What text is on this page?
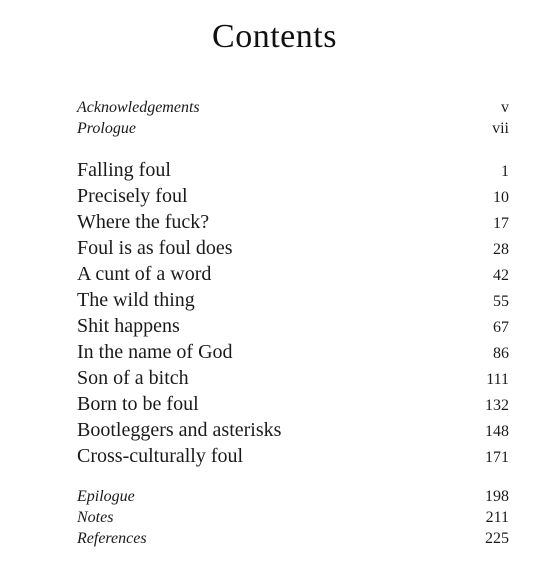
Contents
Acknowledgements	v
Prologue	vii
Falling foul	1
Precisely foul	10
Where the fuck?	17
Foul is as foul does	28
A cunt of a word	42
The wild thing	55
Shit happens	67
In the name of God	86
Son of a bitch	111
Born to be foul	132
Bootleggers and asterisks	148
Cross-culturally foul	171
Epilogue	198
Notes	211
References	225
